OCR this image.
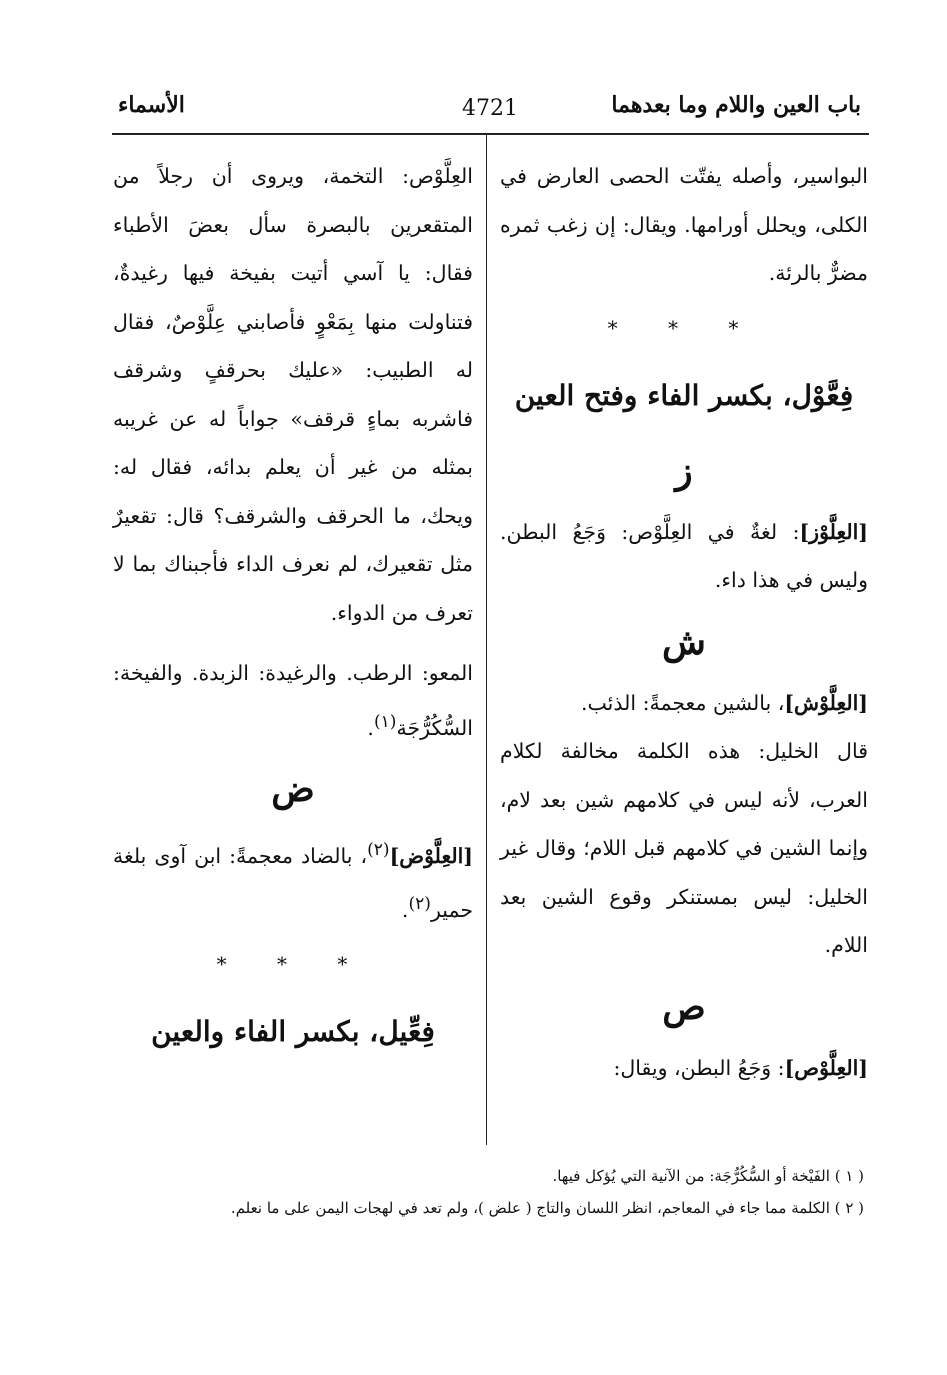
باب العين واللام وما بعدهما
4721
الأسماء

البواسير، وأصله يفتّت الحصى العارض في الكلى، ويحلل أورامها. ويقال: إن زغب ثمره مضرٌّ بالرئة.

* * *

فِعَّوْل، بكسر الفاء وفتح العين

ز

[العِلَّوْز]: لغةٌ في العِلَّوْص: وَجَعُ البطن. وليس في هذا داء.

ش

[العِلَّوْش]، بالشين معجمةً: الذئب.

قال الخليل: هذه الكلمة مخالفة لكلام العرب، لأنه ليس في كلامهم شين بعد لام، وإنما الشين في كلامهم قبل اللام؛ وقال غير الخليل: ليس بمستنكر وقوع الشين بعد اللام.

ص

[العِلَّوْص]: وَجَعُ البطن، ويقال:

العِلَّوْص: التخمة، ويروى أن رجلاً من المتقعرين بالبصرة سأل بعضَ الأطباء فقال: يا آسي أتيت بفيخة فيها رغيدةٌ، فتناولت منها بِمَعْوٍ فأصابني عِلَّوْصٌ، فقال له الطبيب: «عليك بحرقفٍ وشرقف فاشربه بماءٍ قرقف» جواباً له عن غريبه بمثله من غير أن يعلم بدائه، فقال له: ويحك، ما الحرقف والشرقف؟ قال: تقعيرٌ مثل تقعيرك، لم نعرف الداء فأجبناك بما لا تعرف من الدواء.

المعو: الرطب. والرغيدة: الزبدة. والفيخة: السُّكُرُّجَة$^{(١)}$.

ض

[العِلَّوْض]$^{(٢)}$، بالضاد معجمةً: ابن آوى بلغة حمير$^{(٢)}$.

* * *

فِعِّيل، بكسر الفاء والعين

( ١ ) الفَيْخة أو السُّكُرُّجَة: من الآنية التي يُؤكل فيها.

( ٢ ) الكلمة مما جاء في المعاجم، انظر اللسان والتاج ( علض )، ولم تعد في لهجات اليمن على ما نعلم.
